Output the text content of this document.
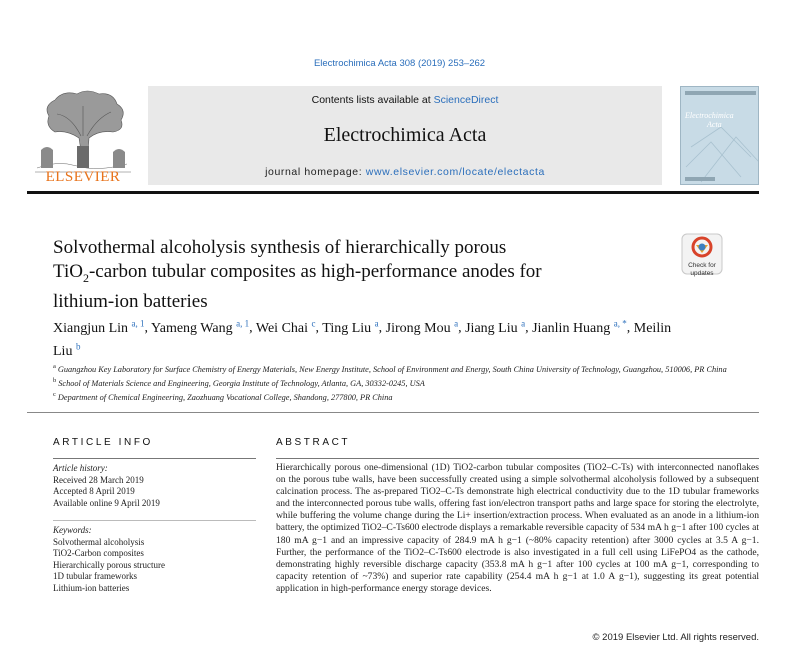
Electrochimica Acta 308 (2019) 253–262
ELSEVIER
Contents lists available at ScienceDirect
Electrochimica Acta
journal homepage: www.elsevier.com/locate/electacta
Electrochimica
Acta
Solvothermal alcoholysis synthesis of hierarchically porous
TiO$_2$-carbon tubular composites as high-performance anodes for
lithium-ion batteries
Check for
updates
Xiangjun Lin $^{a, 1}$, Yameng Wang $^{a, 1}$, Wei Chai $^c$, Ting Liu $^a$, Jirong Mou $^a$, Jiang Liu $^a$, Jianlin Huang $^{a, *}$, Meilin Liu $^b$
$^a$ Guangzhou Key Laboratory for Surface Chemistry of Energy Materials, New Energy Institute, School of Environment and Energy, South China University of Technology, Guangzhou, 510006, PR China
$^b$ School of Materials Science and Engineering, Georgia Institute of Technology, Atlanta, GA, 30332-0245, USA
$^c$ Department of Chemical Engineering, Zaozhuang Vocational College, Shandong, 277800, PR China
ARTICLE INFO	ABSTRACT
Article history:
Received 28 March 2019
Accepted 8 April 2019
Available online 9 April 2019
Keywords:
Solvothermal alcoholysis
TiO2-Carbon composites
Hierarchically porous structure
1D tubular frameworks
Lithium-ion batteries
Hierarchically porous one-dimensional (1D) TiO2-carbon tubular composites (TiO2–C-Ts) with interconnected nanoflakes on the porous tube walls, have been successfully created using a simple solvothermal alcoholysis followed by a subsequent calcination process. The as-prepared TiO2–C-Ts demonstrate high electrical conductivity due to the 1D tubular frameworks and the interconnected porous tube walls, offering fast ion/electron transport paths and large space for storing the electrolyte, while buffering the volume change during the Li+ insertion/extraction process. When evaluated as an anode in a lithium-ion battery, the optimized TiO2–C-Ts600 electrode displays a remarkable reversible capacity of 534 mA h g−1 after 100 cycles at 180 mA g−1 and an impressive capacity of 284.9 mA h g−1 (~80% capacity retention) after 3000 cycles at 3.5 A g−1. Further, the performance of the TiO2–C-Ts600 electrode is also investigated in a full cell using LiFePO4 as the cathode, demonstrating highly reversible discharge capacity (353.8 mA h g−1 after 100 cycles at 100 mA g−1, corresponding to capacity retention of ~73%) and superior rate capability (254.4 mA h g−1 at 1.0 A g−1), suggesting its great potential application in high-performance energy storage devices.
© 2019 Elsevier Ltd. All rights reserved.
